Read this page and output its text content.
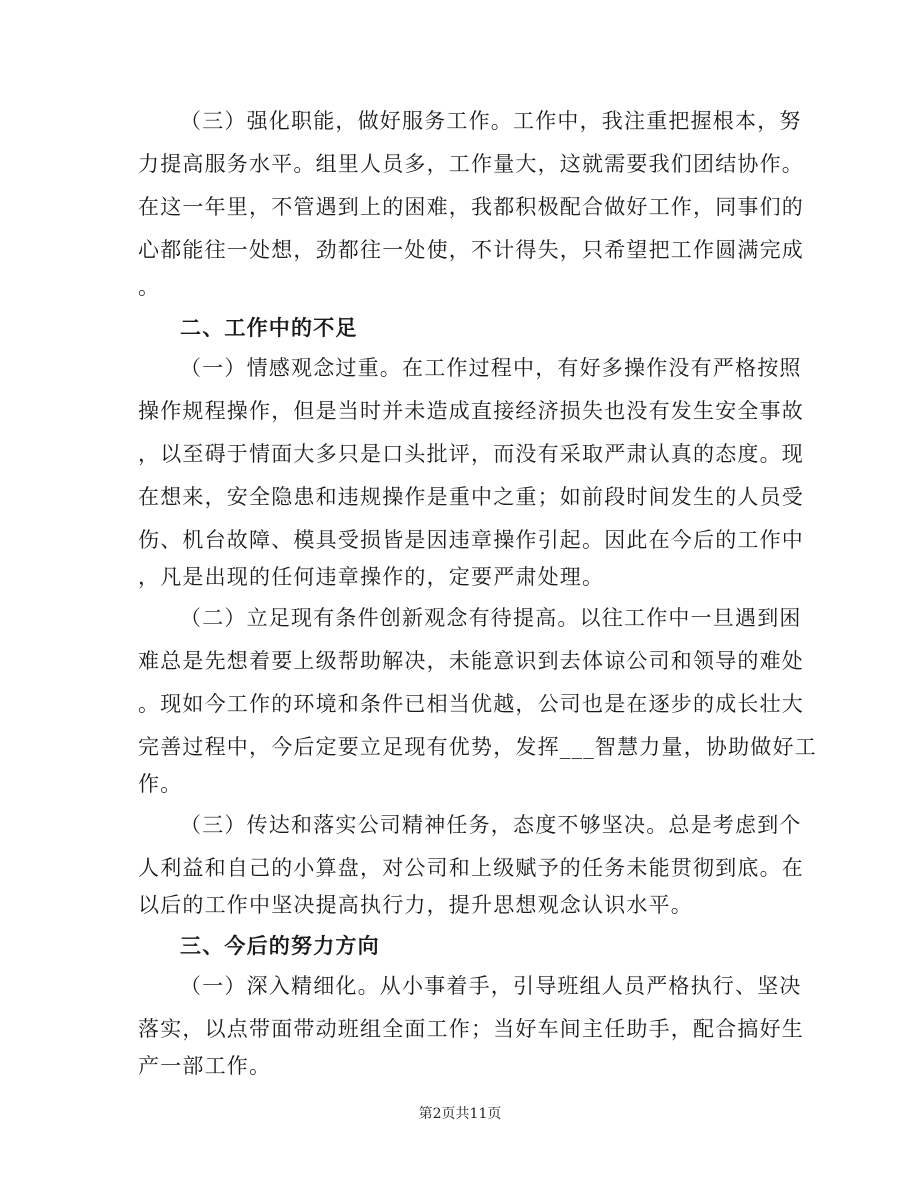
（三）强化职能，做好服务工作。工作中，我注重把握根本，努
力提高服务水平。组里人员多，工作量大，这就需要我们团结协作。
在这一年里，不管遇到上的困难，我都积极配合做好工作，同事们的
心都能往一处想，劲都往一处使，不计得失，只希望把工作圆满完成
。
二、工作中的不足
（一）情感观念过重。在工作过程中，有好多操作没有严格按照
操作规程操作，但是当时并未造成直接经济损失也没有发生安全事故
，以至碍于情面大多只是口头批评，而没有采取严肃认真的态度。现
在想来，安全隐患和违规操作是重中之重；如前段时间发生的人员受
伤、机台故障、模具受损皆是因违章操作引起。因此在今后的工作中
，凡是出现的任何违章操作的，定要严肃处理。
（二）立足现有条件创新观念有待提高。以往工作中一旦遇到困
难总是先想着要上级帮助解决，未能意识到去体谅公司和领导的难处
。现如今工作的环境和条件已相当优越，公司也是在逐步的成长壮大
完善过程中，今后定要立足现有优势，发挥___智慧力量，协助做好工
作。
（三）传达和落实公司精神任务，态度不够坚决。总是考虑到个
人利益和自己的小算盘，对公司和上级赋予的任务未能贯彻到底。在
以后的工作中坚决提高执行力，提升思想观念认识水平。
三、今后的努力方向
（一）深入精细化。从小事着手，引导班组人员严格执行、坚决
落实，以点带面带动班组全面工作；当好车间主任助手，配合搞好生
产一部工作。
第2页共11页
